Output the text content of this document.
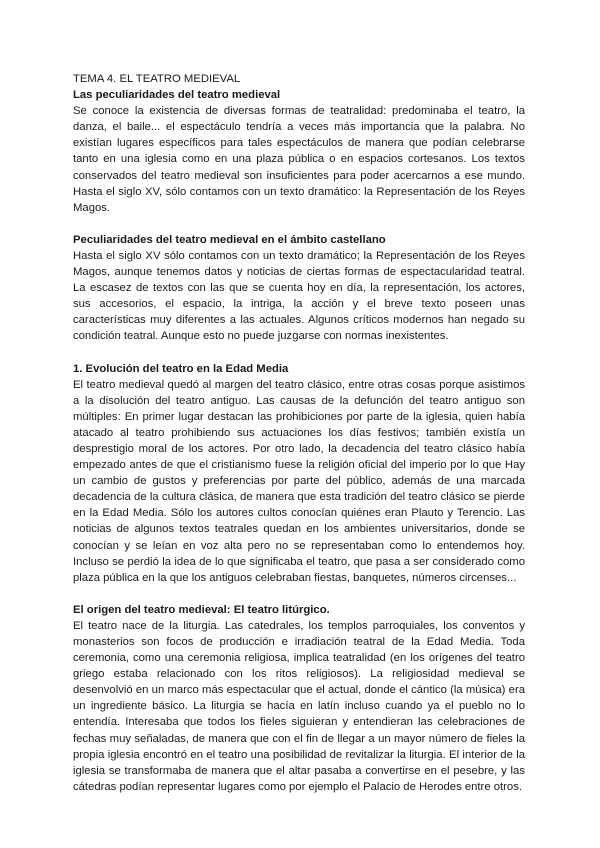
TEMA 4. EL TEATRO MEDIEVAL
Las peculiaridades del teatro medieval

Se conoce la existencia de diversas formas de teatralidad: predominaba el teatro, la danza, el baile... el espectáculo tendría a veces más importancia que la palabra. No existían lugares específicos para tales espectáculos de manera que podían celebrarse tanto en una iglesia como en una plaza pública o en espacios cortesanos. Los textos conservados del teatro medieval son insuficientes para poder acercarnos a ese mundo. Hasta el siglo XV, sólo contamos con un texto dramático: la Representación de los Reyes Magos.

Peculiaridades del teatro medieval en el ámbito castellano

Hasta el siglo XV sólo contamos con un texto dramático; la Representación de los Reyes Magos, aunque tenemos datos y noticias de ciertas formas de espectacularidad teatral. La escasez de textos con las que se cuenta hoy en día, la representación, los actores, sus accesorios, el espacio, la intriga, la acción y el breve texto poseen unas características muy diferentes a las actuales. Algunos críticos modernos han negado su condición teatral. Aunque esto no puede juzgarse con normas inexistentes.

1. Evolución del teatro en la Edad Media

El teatro medieval quedó al margen del teatro clásico, entre otras cosas porque asistimos a la disolución del teatro antiguo. Las causas de la defunción del teatro antiguo son múltiples: En primer lugar destacan las prohibiciones por parte de la iglesia, quien había atacado al teatro prohibiendo sus actuaciones los días festivos; también existía un desprestigio moral de los actores. Por otro lado, la decadencia del teatro clásico había empezado antes de que el cristianismo fuese la religión oficial del imperio por lo que Hay un cambio de gustos y preferencias por parte del público, además de una marcada decadencia de la cultura clásica, de manera que esta tradición del teatro clásico se pierde en la Edad Media. Sólo los autores cultos conocían quiénes eran Plauto y Terencio. Las noticias de algunos textos teatrales quedan en los ambientes universitarios, donde se conocían y se leían en voz alta pero no se representaban como lo entendemos hoy. Incluso se perdió la idea de lo que significaba el teatro, que pasa a ser considerado como plaza pública en la que los antiguos celebraban fiestas, banquetes, números circenses...

El origen del teatro medieval: El teatro litúrgico.

El teatro nace de la liturgia. Las catedrales, los templos parroquiales, los conventos y monasterios son focos de producción e irradiación teatral de la Edad Media. Toda ceremonia, como una ceremonia religiosa, implica teatralidad (en los orígenes del teatro griego estaba relacionado con los ritos religiosos). La religiosidad medieval se desenvolvió en un marco más espectacular que el actual, donde el cántico (la música) era un ingrediente básico. La liturgia se hacía en latín incluso cuando ya el pueblo no lo entendía. Interesaba que todos los fieles siguieran y entendieran las celebraciones de fechas muy señaladas, de manera que con el fin de llegar a un mayor número de fieles la propia iglesia encontró en el teatro una posibilidad de revitalizar la liturgia. El interior de la iglesia se transformaba de manera que el altar pasaba a convertirse en el pesebre, y las cátedras podían representar lugares como por ejemplo el Palacio de Herodes entre otros.
